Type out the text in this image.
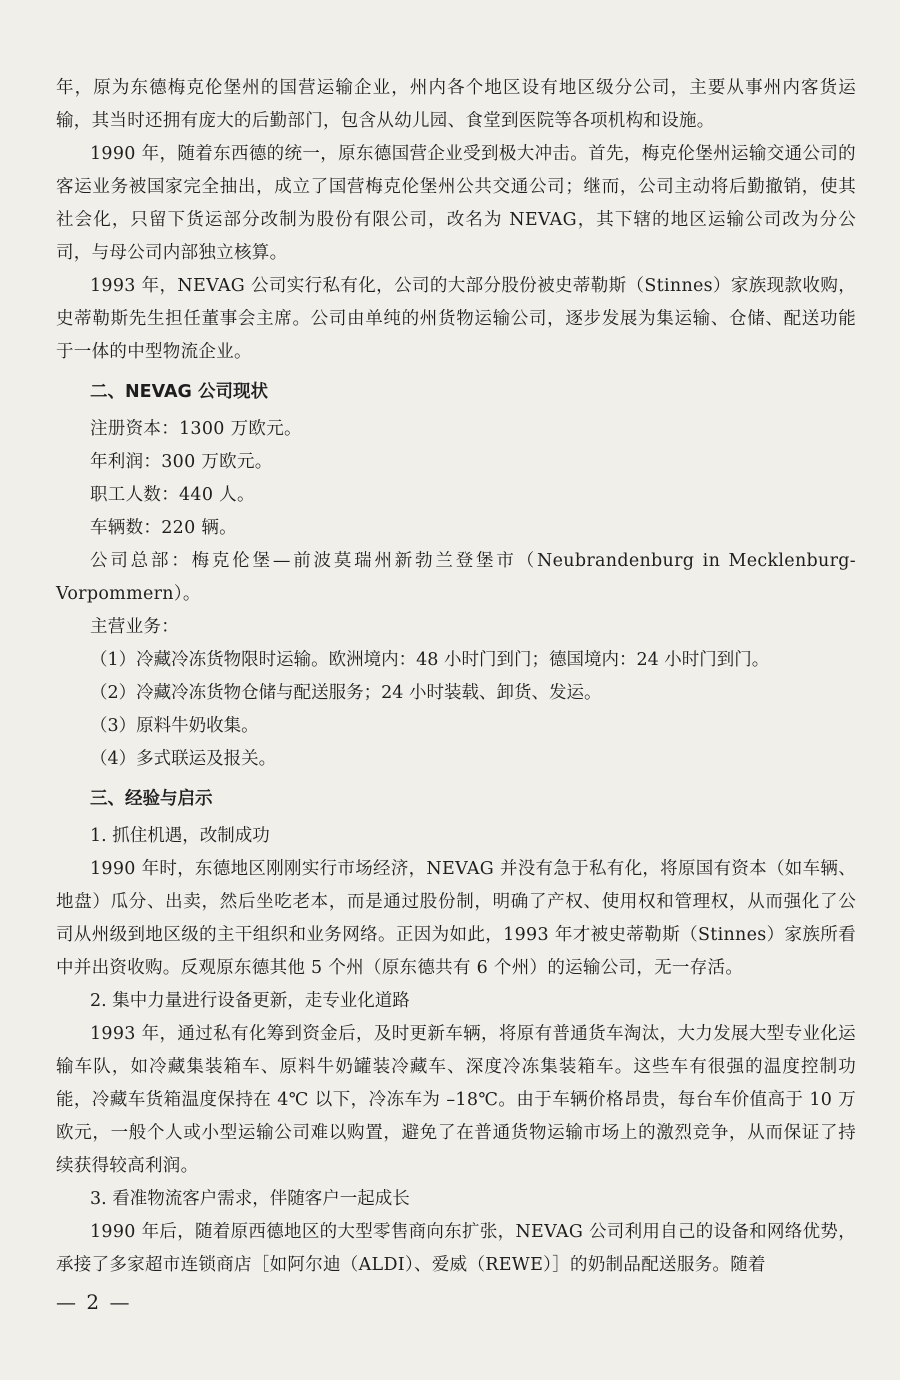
年，原为东德梅克伦堡州的国营运输企业，州内各个地区设有地区级分公司，主要从事州内客货运输，其当时还拥有庞大的后勤部门，包含从幼儿园、食堂到医院等各项机构和设施。

1990 年，随着东西德的统一，原东德国营企业受到极大冲击。首先，梅克伦堡州运输交通公司的客运业务被国家完全抽出，成立了国营梅克伦堡州公共交通公司；继而，公司主动将后勤撤销，使其社会化，只留下货运部分改制为股份有限公司，改名为 NEVAG，其下辖的地区运输公司改为分公司，与母公司内部独立核算。

1993 年，NEVAG 公司实行私有化，公司的大部分股份被史蒂勒斯（Stinnes）家族现款收购，史蒂勒斯先生担任董事会主席。公司由单纯的州货物运输公司，逐步发展为集运输、仓储、配送功能于一体的中型物流企业。

二、NEVAG 公司现状

注册资本：1300 万欧元。

年利润：300 万欧元。

职工人数：440 人。

车辆数：220 辆。

公司总部：梅克伦堡—前波莫瑞州新勃兰登堡市（Neubrandenburg in Mecklenburg-Vorpommern）。

主营业务：

（1）冷藏冷冻货物限时运输。欧洲境内：48 小时门到门；德国境内：24 小时门到门。

（2）冷藏冷冻货物仓储与配送服务；24 小时装载、卸货、发运。

（3）原料牛奶收集。

（4）多式联运及报关。

三、经验与启示

1. 抓住机遇，改制成功

1990 年时，东德地区刚刚实行市场经济，NEVAG 并没有急于私有化，将原国有资本（如车辆、地盘）瓜分、出卖，然后坐吃老本，而是通过股份制，明确了产权、使用权和管理权，从而强化了公司从州级到地区级的主干组织和业务网络。正因为如此，1993 年才被史蒂勒斯（Stinnes）家族所看中并出资收购。反观原东德其他 5 个州（原东德共有 6 个州）的运输公司，无一存活。

2. 集中力量进行设备更新，走专业化道路

1993 年，通过私有化筹到资金后，及时更新车辆，将原有普通货车淘汰，大力发展大型专业化运输车队，如冷藏集装箱车、原料牛奶罐装冷藏车、深度冷冻集装箱车。这些车有很强的温度控制功能，冷藏车货箱温度保持在 4℃ 以下，冷冻车为 –18℃。由于车辆价格昂贵，每台车价值高于 10 万欧元，一般个人或小型运输公司难以购置，避免了在普通货物运输市场上的激烈竞争，从而保证了持续获得较高利润。

3. 看准物流客户需求，伴随客户一起成长

1990 年后，随着原西德地区的大型零售商向东扩张，NEVAG 公司利用自己的设备和网络优势，承接了多家超市连锁商店［如阿尔迪（ALDI）、爱威（REWE）］的奶制品配送服务。随着

— 2 —
